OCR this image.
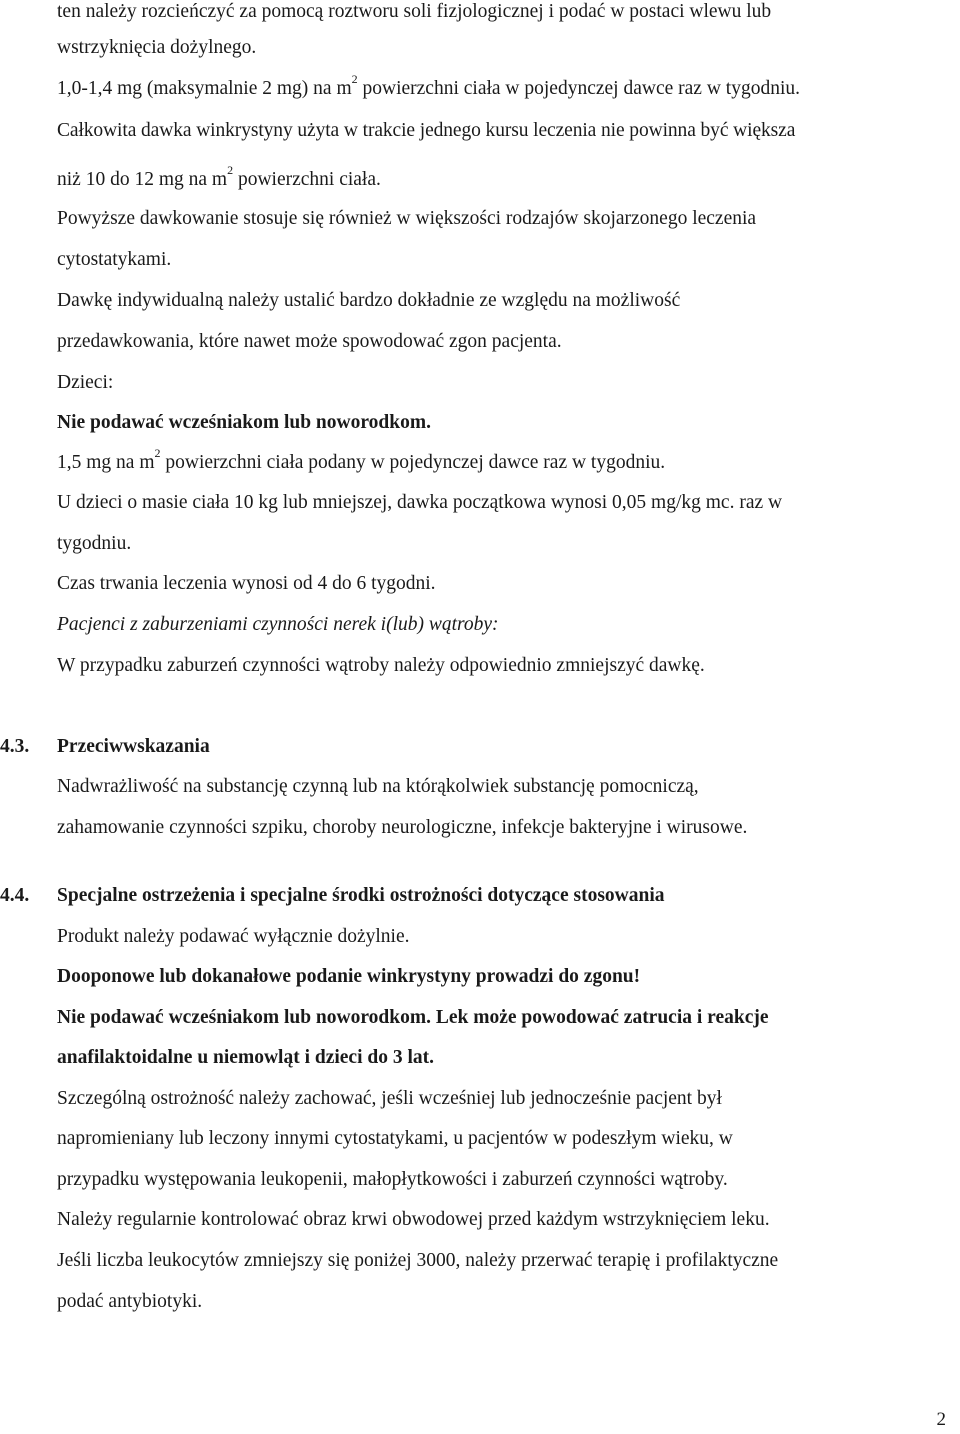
ten należy rozcieńczyć za pomocą roztworu soli fizjologicznej i podać w postaci wlewu lub
wstrzyknięcia dożylnego.
1,0-1,4 mg (maksymalnie 2 mg) na $m^2$ powierzchni ciała w pojedynczej dawce raz w tygodniu.
Całkowita dawka winkrystyny użyta w trakcie jednego kursu leczenia nie powinna być większa
niż 10 do 12 mg na $m^2$ powierzchni ciała.
Powyższe dawkowanie stosuje się również w większości rodzajów skojarzonego leczenia
cytostatykami.
Dawkę indywidualną należy ustalić bardzo dokładnie ze względu na możliwość
przedawkowania, które nawet może spowodować zgon pacjenta.
Dzieci:
Nie podawać wcześniakom lub noworodkom.
1,5 mg na $m^2$ powierzchni ciała podany w pojedynczej dawce raz w tygodniu.
U dzieci o masie ciała 10 kg lub mniejszej, dawka początkowa wynosi 0,05 mg/kg mc. raz w
tygodniu.
Czas trwania leczenia wynosi od 4 do 6 tygodni.
Pacjenci z zaburzeniami czynności nerek i(lub) wątroby:
W przypadku zaburzeń czynności wątroby należy odpowiednio zmniejszyć dawkę.
4.3. Przeciwwskazania
Nadwrażliwość na substancję czynną lub na którąkolwiek substancję pomocniczą,
zahamowanie czynności szpiku, choroby neurologiczne, infekcje bakteryjne i wirusowe.
4.4. Specjalne ostrzeżenia i specjalne środki ostrożności dotyczące stosowania
Produkt należy podawać wyłącznie dożylnie.
Dooponowe lub dokanałowe podanie winkrystyny prowadzi do zgonu!
Nie podawać wcześniakom lub noworodkom. Lek może powodować zatrucia i reakcje
anafilaktoidalne u niemowląt i dzieci do 3 lat.
Szczególną ostrożność należy zachować, jeśli wcześniej lub jednocześnie pacjent był
napromieniany lub leczony innymi cytostatykami, u pacjentów w podeszłym wieku, w
przypadku występowania leukopenii, małopłytkowości i zaburzeń czynności wątroby.
Należy regularnie kontrolować obraz krwi obwodowej przed każdym wstrzyknięciem leku.
Jeśli liczba leukocytów zmniejszy się poniżej 3000, należy przerwać terapię i profilaktyczne
podać antybiotyki.
2
